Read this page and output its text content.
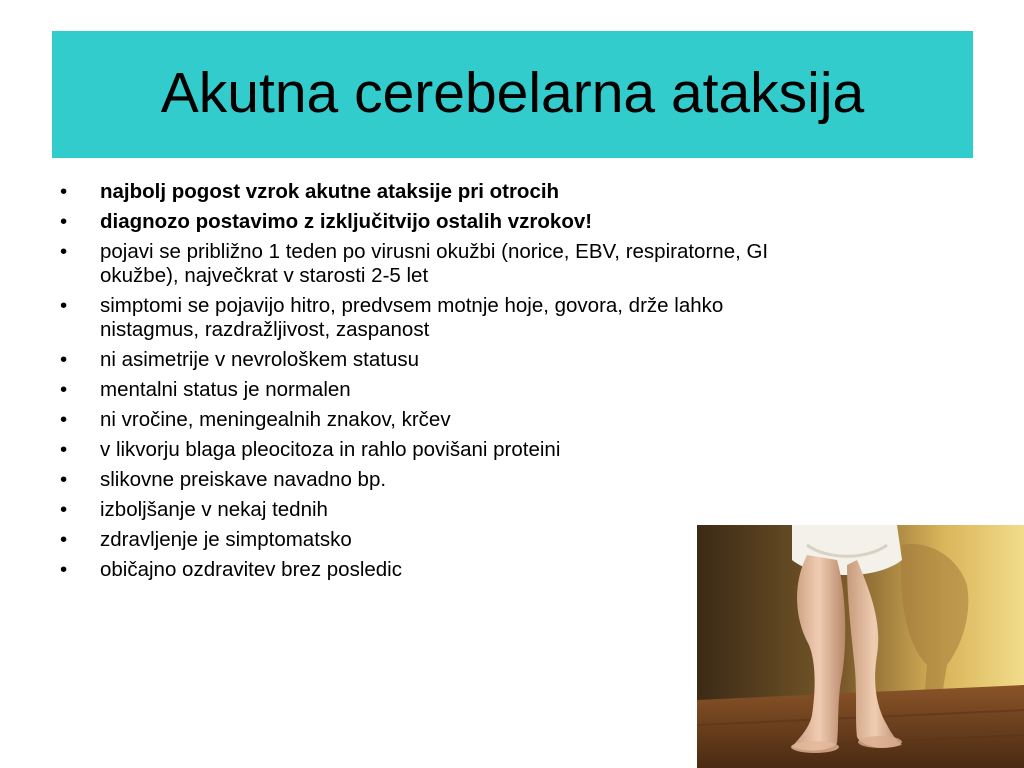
Akutna cerebelarna ataksija
•	najbolj pogost vzrok akutne ataksije pri otrocih
•	diagnozo postavimo z izključitvijo ostalih vzrokov!
•	pojavi se približno 1 teden po virusni okužbi (norice, EBV, respiratorne, GI okužbe), največkrat v starosti 2-5 let
•	simptomi se pojavijo hitro, predvsem motnje hoje, govora, drže lahko nistagmus, razdražljivost, zaspanost
•	ni asimetrije v nevrološkem statusu
•	mentalni status je normalen
•	ni vročine, meningealnih znakov, krčev
•	v likvorju blaga pleocitoza in rahlo povišani proteini
•	slikovne preiskave navadno bp.
•	izboljšanje v nekaj tednih
•	zdravljenje je simptomatsko
•	običajno ozdravitev brez posledic
